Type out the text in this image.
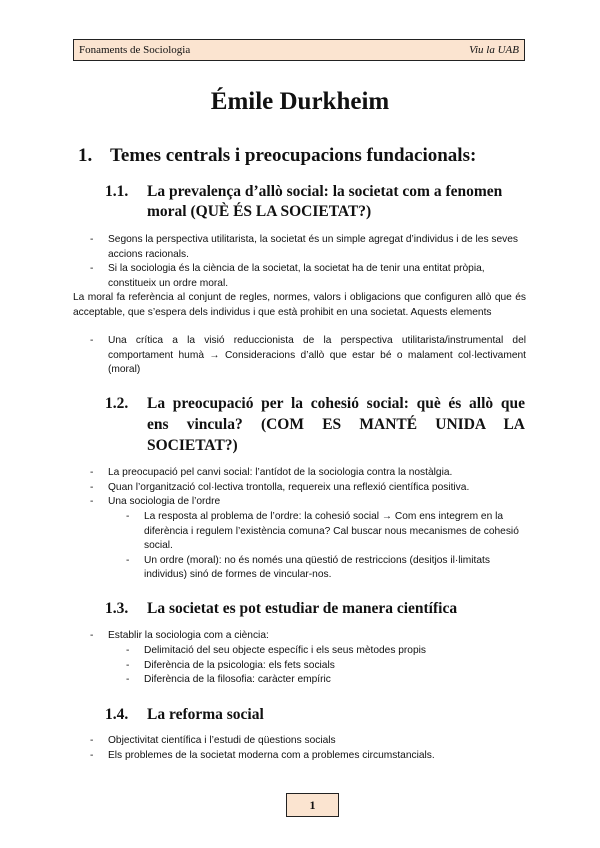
Fonaments de Sociologia	Viu la UAB
Émile Durkheim
1. Temes centrals i preocupacions fundacionals:
1.1. La prevalença d’allò social: la societat com a fenomen
moral (QUÈ ÉS LA SOCIETAT?)
- Segons la perspectiva utilitarista, la societat és un simple agregat d’individus i de les seves accions racionals.
- Si la sociologia és la ciència de la societat, la societat ha de tenir una entitat pròpia, constitueix un ordre moral.
La moral fa referència al conjunt de regles, normes, valors i obligacions que configuren allò que és acceptable, que s’espera dels individus i que està prohibit en una societat. Aquests elements
- Una crítica a la visió reduccionista de la perspectiva utilitarista/instrumental del comportament humà → Consideracions d’allò que estar bé o malament col·lectivament (moral)
1.2. La preocupació per la cohesió social: què és allò que
ens vincula? (COM ES MANTÉ UNIDA LA
SOCIETAT?)
- La preocupació pel canvi social: l’antídot de la sociologia contra la nostàlgia.
- Quan l’organització col·lectiva trontolla, requereix una reflexió científica positiva.
- Una sociologia de l’ordre
- La resposta al problema de l’ordre: la cohesió social → Com ens integrem en la diferència i regulem l’existència comuna? Cal buscar nous mecanismes de cohesió social.
- Un ordre (moral): no és només una qüestió de restriccions (desitjos il·limitats individus) sinó de formes de vincular-nos.
1.3. La societat es pot estudiar de manera científica
- Establir la sociologia com a ciència:
- Delimitació del seu objecte específic i els seus mètodes propis
- Diferència de la psicologia: els fets socials
- Diferència de la filosofia: caràcter empíric
1.4. La reforma social
- Objectivitat científica i l’estudi de qüestions socials
- Els problemes de la societat moderna com a problemes circumstancials.
1
